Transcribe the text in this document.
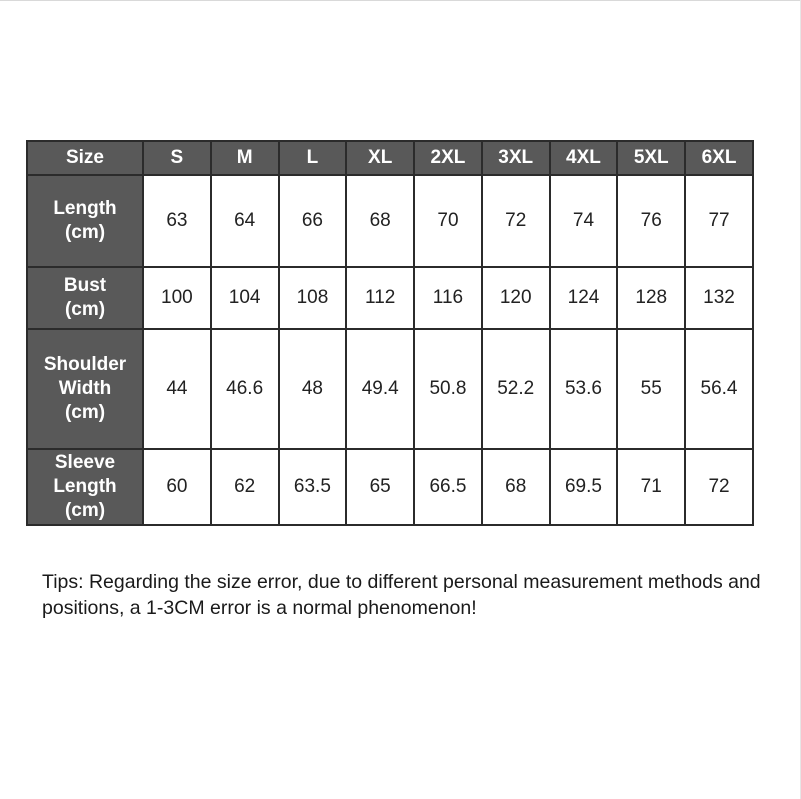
Size	S	M	L	XL	2XL	3XL	4XL	5XL	6XL

Length
(cm)	63	64	66	68	70	72	74	76	77

Bust
(cm)	100	104	108	112	116	120	124	128	132

Shoulder
Width
(cm)	44	46.6	48	49.4	50.8	52.2	53.6	55	56.4

Sleeve
Length
(cm)	60	62	63.5	65	66.5	68	69.5	71	72
Tips: Regarding the size error, due to different personal measurement methods and positions, a 1-3CM error is a normal phenomenon!
